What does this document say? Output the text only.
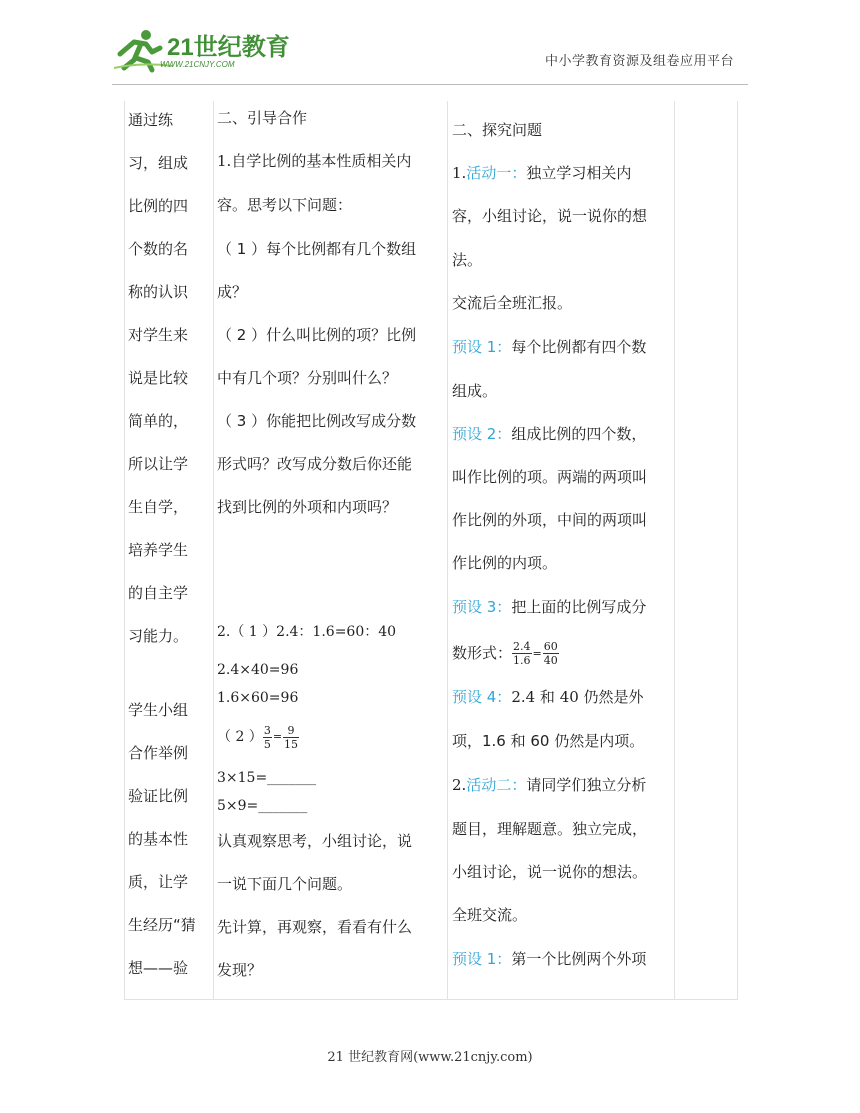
21世纪教育
WWW.21CNJY.COM	中小学教育资源及组卷应用平台
通过练
习，组成
比例的四
个数的名
称的认识
对学生来
说是比较
简单的，
所以让学
生自学，
培养学生
的自主学
习能力。
学生小组
合作举例
验证比例
的基本性
质，让学
生经历“猜
想——验
二、引导合作
1.自学比例的基本性质相关内
容。思考以下问题：
（ 1 ）每个比例都有几个数组
成？
（ 2 ）什么叫比例的项？比例
中有几个项？分别叫什么？
（ 3 ）你能把比例改写成分数
形式吗？改写成分数后你还能
找到比例的外项和内项吗？
2.（ 1 ）2.4：1.6=60：40
2.4×40=96
1.6×60=96
（ 2 ） $\frac{3}{5} = \frac{9}{15}$
3×15=_______
5×9=_______
认真观察思考，小组讨论，说
一说下面几个问题。
先计算，再观察，看看有什么
发现？
二、探究问题
1.活动一：独立学习相关内
容，小组讨论，说一说你的想
法。
交流后全班汇报。
预设 1：每个比例都有四个数
组成。
预设 2：组成比例的四个数，
叫作比例的项。两端的两项叫
作比例的外项，中间的两项叫
作比例的内项。
预设 3：把上面的比例写成分
数形式： $\frac{2.4}{1.6} = \frac{60}{40}$
预设 4：2.4 和 40 仍然是外
项，1.6 和 60 仍然是内项。
2.活动二：请同学们独立分析
题目，理解题意。独立完成，
小组讨论，说一说你的想法。
全班交流。
预设 1：第一个比例两个外项
21 世纪教育网(www.21cnjy.com)
